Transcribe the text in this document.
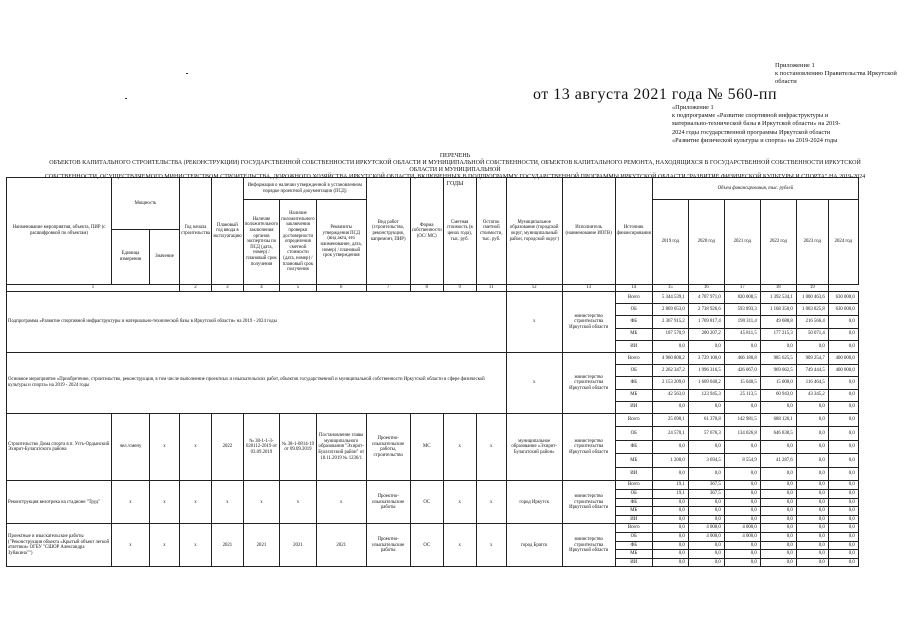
Приложение 1
к постановлению Правительства Иркутской области
от 13 августа 2021 года № 560-пп
«Приложение 1
к подпрограмме «Развитие спортивной инфраструктуры и
материально-технической базы в Иркутской области» на 2019-
2024 годы государственной программы Иркутской области
«Развитие физической культуры и спорта» на 2019-2024 годы
ПЕРЕЧЕНЬ
ОБЪЕКТОВ КАПИТАЛЬНОГО СТРОИТЕЛЬСТВА (РЕКОНСТРУКЦИИ) ГОСУДАРСТВЕННОЙ СОБСТВЕННОСТИ ИРКУТСКОЙ ОБЛАСТИ И МУНИЦИПАЛЬНОЙ СОБСТВЕННОСТИ, ОБЪЕКТОВ КАПИТАЛЬНОГО РЕМОНТА, НАХОДЯЩИХСЯ В ГОСУДАРСТВЕННОЙ СОБСТВЕННОСТИ ИРКУТСКОЙ ОБЛАСТИ И МУНИЦИПАЛЬНОЙ
СОБСТВЕННОСТИ, ОСУЩЕСТВЛЯЕМОГО МИНИСТЕРСТВОМ СТРОИТЕЛЬСТВА, ДОРОЖНОГО ХОЗЯЙСТВА ИРКУТСКОЙ ОБЛАСТИ, ВКЛЮЧЕННЫХ В ПОДПРОГРАММУ ГОСУДАРСТВЕННОЙ ПРОГРАММЫ ИРКУТСКОЙ ОБЛАСТИ "РАЗВИТИЕ ФИЗИЧЕСКОЙ КУЛЬТУРЫ И СПОРТА" НА 2019-2024 ГОДЫ
Наименование мероприятия, объекта, ПИР (с расшифровкой по объектам)	Мощность		Год начала строительства	Плановый год ввода в эксплуатацию	Информация о наличии утвержденной в установленном порядке проектной документации (ПСД)			Вид работ (строительство, реконструкция, капремонт, ПИР)	Форма собственности (ОС/ МС)	Сметная стоимость (в ценах года), тыс. руб.	Остаток сметной стоимости, тыс. руб.	Муниципальное образование (городской округ, муниципальный район, городской округ)	Исполнитель (наименование ИОГВ)	Источник финансирования	Объем финансирования, тыс. рублей					
					Наличие положительного заключения органов экспертизы по ПСД (дата, номер) / плановый срок получения	Наличие положительного заключения проверки достоверности определения сметной стоимости (дата, номер) / плановый срок получения	Реквизиты утверждения ПСД (вид акта, его наименование, дата, номер) / плановый срок утверждения								2019 год	2020 год	2021 год	2022 год	2023 год	2024 год
	Единица измерения	Значение																		
1			2	3	4	5	6	7	8	9	11	12	13	14	15	16	17	18	19	
Подпрограмма «Развитие спортивной инфраструктуры и материально-технической базы в Иркутской области» на 2019 - 2024 годы												х	министерство строительства Иркутской области	Всего	5 344 539,1	4 707 971,0	820 008,5	1 392 534,1	1 000 463,6	630 000,0
														ОБ	2 869 053,0	2 738 926,6	593 893,3	1 168 350,0	1 003 825,8	630 000,0
														ФБ	2 367 915,2	1 769 817,4	190 311,4	49 688,8	216 566,4	0,0
														МБ	107 570,9	200 207,2	45 811,5	177 215,3	50 071,4	0,0
														ИИ	0,0	0,0	0,0	0,0	0,0	0,0
Основное мероприятие «Приобретение, строительство, реконструкция, в том числе выполнение проектных и изыскательских работ, объектов государственной и муниципальной собственности Иркутской области в сфере физической культуры и спорта» на 2019 - 2024 годы												х	министерство строительства Иркутской области	Всего	4 960 808,2	3 729 100,0	466 180,8	985 625,5	909 254,7	400 000,0
														ОБ	2 262 347,2	1 996 316,5	426 067,0	969 662,5	749 444,5	400 000,0
														ФБ	2 153 209,0	1 609 040,2	15 040,5	15 000,0	116 464,5	0,0
														МБ	42 563,0	123 945,3	25 113,5	60 943,0	43 345,2	0,0
														ИИ	0,0	0,0	0,0	0,0	0,0	0,0
Строительство Дома спорта в п. Усть-Ордынский Эхирит-Булагатского района	чел./смену	х	х	2022	№ 38-1-1-3-020112-2019 от 03.09.2019	№ 38-1-0814-19 от 09.09.2019	Постановление главы муниципального образования "Эхирит-Булагатский район" от 18.11.2019 № 1236/1	Проектно-изыскательские работы, строительство	МС	х	х	муниципальное образование «Эхирит-Булагатский район»	министерство строительства Иркутской области	Всего	25 690,1	61 370,8	142 981,5	688 126,1	0,0	0,0
														ОБ	24 570,1	57 676,3	134 026,8	646 838,5	0,0	0,0
														ФБ	0,0	0,0	0,0	0,0	0,0	0,0
														МБ	1 200,0	3 694,5	8 554,9	41 287,6	0,0	0,0
														ИИ	0,0	0,0	0,0	0,0	0,0	0,0
Реконструкция велотрека на стадионе "Труд"	х	х	х	х	х	х	х	Проектно-изыскательские работы	ОС	х	х	город Иркутск	министерство строительства Иркутской области	Всего	19,1	367,5	0,0	0,0	0,0	0,0
														ОБ	19,1	367,5	0,0	0,0	0,0	0,0
														ФБ	0,0	0,0	0,0	0,0	0,0	0,0
														МБ	0,0	0,0	0,0	0,0	0,0	0,0
														ИИ	0,0	0,0	0,0	0,0	0,0	0,0
Проектные и изыскательские работы ("Реконструкция объекта «Крытый объект легкой атлетики» ОГБУ "СШОР Александра Зубакина"")	х	х	х	2021	2021	2021	2021	Проектно-изыскательские работы	ОС	х	х	город Братск	министерство строительства Иркутской области	Всего	0,0	4 000,0	4 000,0	0,0	0,0	0,0
														ОБ	0,0	4 000,0	4 000,0	0,0	0,0	0,0
														ФБ	0,0	0,0	0,0	0,0	0,0	0,0
														МБ	0,0	0,0	0,0	0,0	0,0	0,0
														ИИ	0,0	0,0	0,0	0,0	0,0	0,0
